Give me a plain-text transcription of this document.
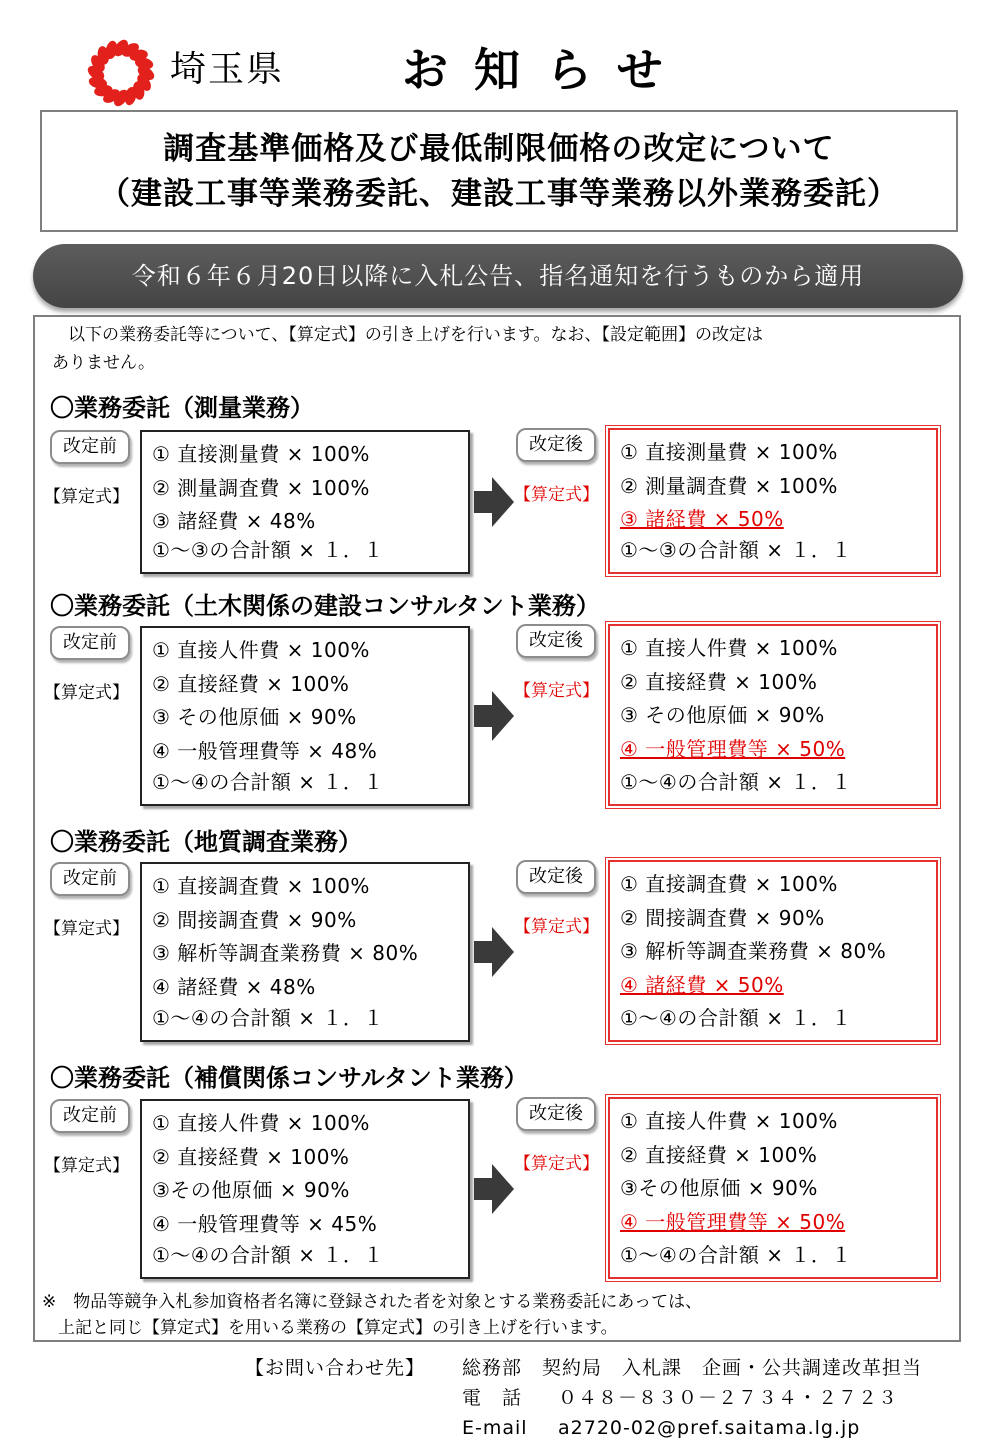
埼玉県	お知らせ
調査基準価格及び最低制限価格の改定について
（建設工事等業務委託、建設工事等業務以外業務委託）
令和６年６月20日以降に入札公告、指名通知を行うものから適用
以下の業務委託等について、【算定式】の引き上げを行います。なお、【設定範囲】の改定は
ありません。
〇業務委託（測量業務）
改定前
【算定式】
① 直接測量費 × 100%
② 測量調査費 × 100%
③ 諸経費 × 48%
①～③の合計額 × １．１
改定後
【算定式】
① 直接測量費 × 100%
② 測量調査費 × 100%
③ 諸経費 × 50%
①～③の合計額 × １．１
〇業務委託（土木関係の建設コンサルタント業務）
改定前
【算定式】
① 直接人件費 × 100%
② 直接経費 × 100%
③ その他原価 × 90%
④ 一般管理費等 × 48%
①～④の合計額 × １．１
改定後
【算定式】
① 直接人件費 × 100%
② 直接経費 × 100%
③ その他原価 × 90%
④ 一般管理費等 × 50%
①～④の合計額 × １．１
〇業務委託（地質調査業務）
改定前
【算定式】
① 直接調査費 × 100%
② 間接調査費 × 90%
③ 解析等調査業務費 × 80%
④ 諸経費 × 48%
①～④の合計額 × １．１
改定後
【算定式】
① 直接調査費 × 100%
② 間接調査費 × 90%
③ 解析等調査業務費 × 80%
④ 諸経費 × 50%
①～④の合計額 × １．１
〇業務委託（補償関係コンサルタント業務）
改定前
【算定式】
① 直接人件費 × 100%
② 直接経費 × 100%
③その他原価 × 90%
④ 一般管理費等 × 45%
①～④の合計額 × １．１
改定後
【算定式】
① 直接人件費 × 100%
② 直接経費 × 100%
③その他原価 × 90%
④ 一般管理費等 × 50%
①～④の合計額 × １．１
※　物品等競争入札参加資格者名簿に登録された者を対象とする業務委託にあっては、
上記と同じ【算定式】を用いる業務の【算定式】の引き上げを行います。
【お問い合わせ先】 総務部　契約局　入札課　企画・公共調達改革担当
電　話 ０４８－８３０－２７３４・２７２３
E-mail a2720-02@pref.saitama.lg.jp
